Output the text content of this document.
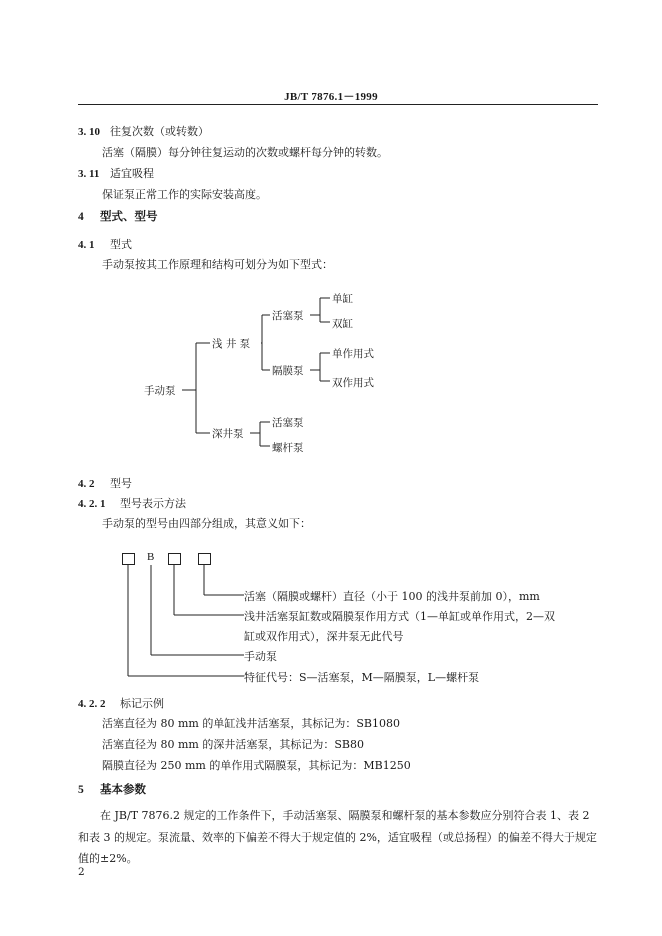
JB/T 7876.1－1999
3. 10 往复次数（或转数）
活塞（隔膜）每分钟往复运动的次数或螺杆每分钟的转数。
3. 11 适宜吸程
保证泵正常工作的实际安装高度。
4 型式、型号
4. 1 型式
手动泵按其工作原理和结构可划分为如下型式：
手动泵
浅 井 泵
深井泵
活塞泵
隔膜泵
单缸
双缸
单作用式
双作用式
活塞泵
螺杆泵
4. 2 型号
4. 2. 1 型号表示方法
手动泵的型号由四部分组成，其意义如下：
B
活塞（隔膜或螺杆）直径（小于 100 的浅井泵前加 0），mm
浅井活塞泵缸数或隔膜泵作用方式（1—单缸或单作用式，2—双
缸或双作用式），深井泵无此代号
手动泵
特征代号：S—活塞泵，M—隔膜泵，L—螺杆泵
4. 2. 2 标记示例
活塞直径为 80 mm 的单缸浅井活塞泵，其标记为：SB1080
活塞直径为 80 mm 的深井活塞泵，其标记为：SB80
隔膜直径为 250 mm 的单作用式隔膜泵，其标记为：MB1250
5 基本参数
在 JB/T 7876.2 规定的工作条件下，手动活塞泵、隔膜泵和螺杆泵的基本参数应分别符合表 1、表 2 和表 3 的规定。泵流量、效率的下偏差不得大于规定值的 2%，适宜吸程（或总扬程）的偏差不得大于规定值的±2%。
2
